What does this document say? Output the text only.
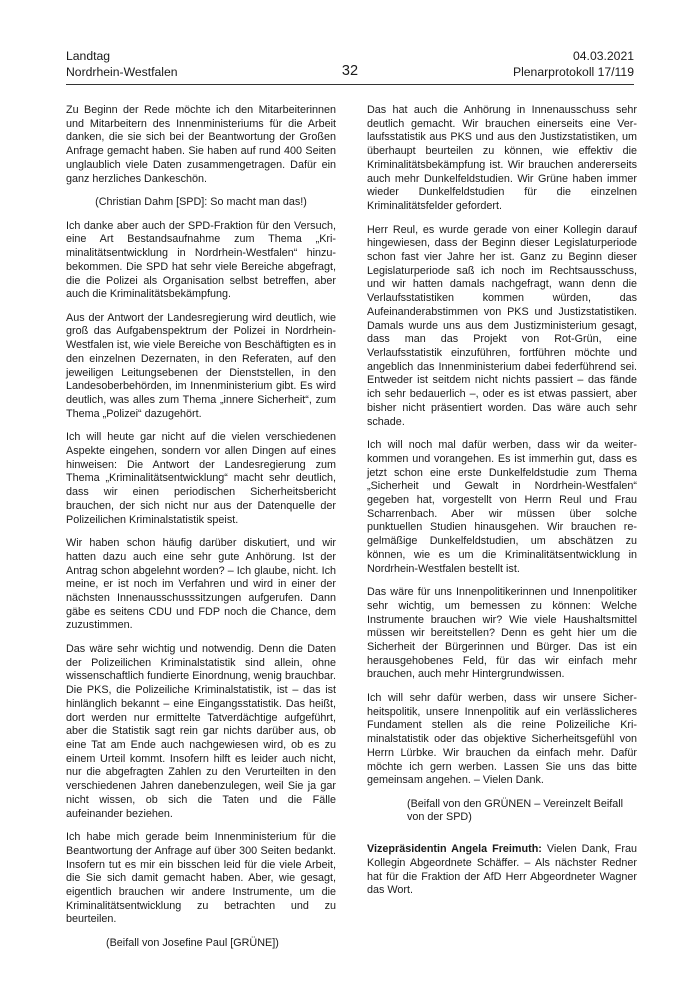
Landtag
Nordrhein-Westfalen	32
04.03.2021
Plenarprotokoll 17/119

Zu Beginn der Rede möchte ich den Mitarbeiterinnen und Mitarbeitern des Innenministeriums für die Arbeit danken, die sie sich bei der Beantwortung der Großen Anfrage gemacht haben. Sie haben auf rund 400 Seiten unglaublich viele Daten zusammengetragen. Dafür ein ganz herzliches Dankeschön.

(Christian Dahm [SPD]: So macht man das!)

Ich danke aber auch der SPD-Fraktion für den Versuch, eine Art Bestandsaufnahme zum Thema „Kriminalitätsentwicklung in Nordrhein-Westfalen“ hinzubekommen. Die SPD hat sehr viele Bereiche abgefragt, die die Polizei als Organisation selbst betreffen, aber auch die Kriminalitätsbekämpfung.

Aus der Antwort der Landesregierung wird deutlich, wie groß das Aufgabenspektrum der Polizei in Nordrhein-Westfalen ist, wie viele Bereiche von Beschäftigten es in den einzelnen Dezernaten, in den Referaten, auf den jeweiligen Leitungsebenen der Dienststellen, in den Landesoberbehörden, im Innenministerium gibt. Es wird deutlich, was alles zum Thema „innere Sicherheit“, zum Thema „Polizei“ dazugehört.

Ich will heute gar nicht auf die vielen verschiedenen Aspekte eingehen, sondern vor allen Dingen auf eines hinweisen: Die Antwort der Landesregierung zum Thema „Kriminalitätsentwicklung“ macht sehr deutlich, dass wir einen periodischen Sicherheitsbericht brauchen, der sich nicht nur aus der Datenquelle der Polizeilichen Kriminalstatistik speist.

Wir haben schon häufig darüber diskutiert, und wir hatten dazu auch eine sehr gute Anhörung. Ist der Antrag schon abgelehnt worden? – Ich glaube, nicht. Ich meine, er ist noch im Verfahren und wird in einer der nächsten Innenausschusssitzungen aufgerufen. Dann gäbe es seitens CDU und FDP noch die Chance, dem zuzustimmen.

Das wäre sehr wichtig und notwendig. Denn die Daten der Polizeilichen Kriminalstatistik sind allein, ohne wissenschaftlich fundierte Einordnung, wenig brauchbar. Die PKS, die Polizeiliche Kriminalstatistik, ist – das ist hinlänglich bekannt – eine Eingangsstatistik. Das heißt, dort werden nur ermittelte Tatverdächtige aufgeführt, aber die Statistik sagt rein gar nichts darüber aus, ob eine Tat am Ende auch nachgewiesen wird, ob es zu einem Urteil kommt. Insofern hilft es leider auch nicht, nur die abgefragten Zahlen zu den Verurteilten in den verschiedenen Jahren danebenzulegen, weil Sie ja gar nicht wissen, ob sich die Taten und die Fälle aufeinander beziehen.

Ich habe mich gerade beim Innenministerium für die Beantwortung der Anfrage auf über 300 Seiten bedankt. Insofern tut es mir ein bisschen leid für die viele Arbeit, die Sie sich damit gemacht haben. Aber, wie gesagt, eigentlich brauchen wir andere Instrumente, um die Kriminalitätsentwicklung zu betrachten und zu beurteilen.

(Beifall von Josefine Paul [GRÜNE])

Das hat auch die Anhörung in Innenausschuss sehr deutlich gemacht. Wir brauchen einerseits eine Verlaufsstatistik aus PKS und aus den Justizstatistiken, um überhaupt beurteilen zu können, wie effektiv die Kriminalitätsbekämpfung ist. Wir brauchen andererseits auch mehr Dunkelfeldstudien. Wir Grüne haben immer wieder Dunkelfeldstudien für die einzelnen Kriminalitätsfelder gefordert.

Herr Reul, es wurde gerade von einer Kollegin darauf hingewiesen, dass der Beginn dieser Legislaturperiode schon fast vier Jahre her ist. Ganz zu Beginn dieser Legislaturperiode saß ich noch im Rechtsausschuss, und wir hatten damals nachgefragt, wann denn die Verlaufsstatistiken kommen würden, das Aufeinanderabstimmen von PKS und Justizstatistiken. Damals wurde uns aus dem Justizministerium gesagt, dass man das Projekt von Rot-Grün, eine Verlaufsstatistik einzuführen, fortführen möchte und angeblich das Innenministerium dabei federführend sei. Entweder ist seitdem nicht nichts passiert – das fände ich sehr bedauerlich –, oder es ist etwas passiert, aber bisher nicht präsentiert worden. Das wäre auch sehr schade.

Ich will noch mal dafür werben, dass wir da weiterkommen und vorangehen. Es ist immerhin gut, dass es jetzt schon eine erste Dunkelfeldstudie zum Thema „Sicherheit und Gewalt in Nordrhein-Westfalen“ gegeben hat, vorgestellt von Herrn Reul und Frau Scharrenbach. Aber wir müssen über solche punktuellen Studien hinausgehen. Wir brauchen regelmäßige Dunkelfeldstudien, um abschätzen zu können, wie es um die Kriminalitätsentwicklung in Nordrhein-Westfalen bestellt ist.

Das wäre für uns Innenpolitikerinnen und Innenpolitiker sehr wichtig, um bemessen zu können: Welche Instrumente brauchen wir? Wie viele Haushaltsmittel müssen wir bereitstellen? Denn es geht hier um die Sicherheit der Bürgerinnen und Bürger. Das ist ein herausgehobenes Feld, für das wir einfach mehr brauchen, auch mehr Hintergrundwissen.

Ich will sehr dafür werben, dass wir unsere Sicherheitspolitik, unsere Innenpolitik auf ein verlässlicheres Fundament stellen als die reine Polizeiliche Kriminalstatistik oder das objektive Sicherheitsgefühl von Herrn Lürbke. Wir brauchen da einfach mehr. Dafür möchte ich gern werben. Lassen Sie uns das bitte gemeinsam angehen. – Vielen Dank.

(Beifall von den GRÜNEN – Vereinzelt Beifall von der SPD)

Vizepräsidentin Angela Freimuth: Vielen Dank, Frau Kollegin Abgeordnete Schäffer. – Als nächster Redner hat für die Fraktion der AfD Herr Abgeordneter Wagner das Wort.
